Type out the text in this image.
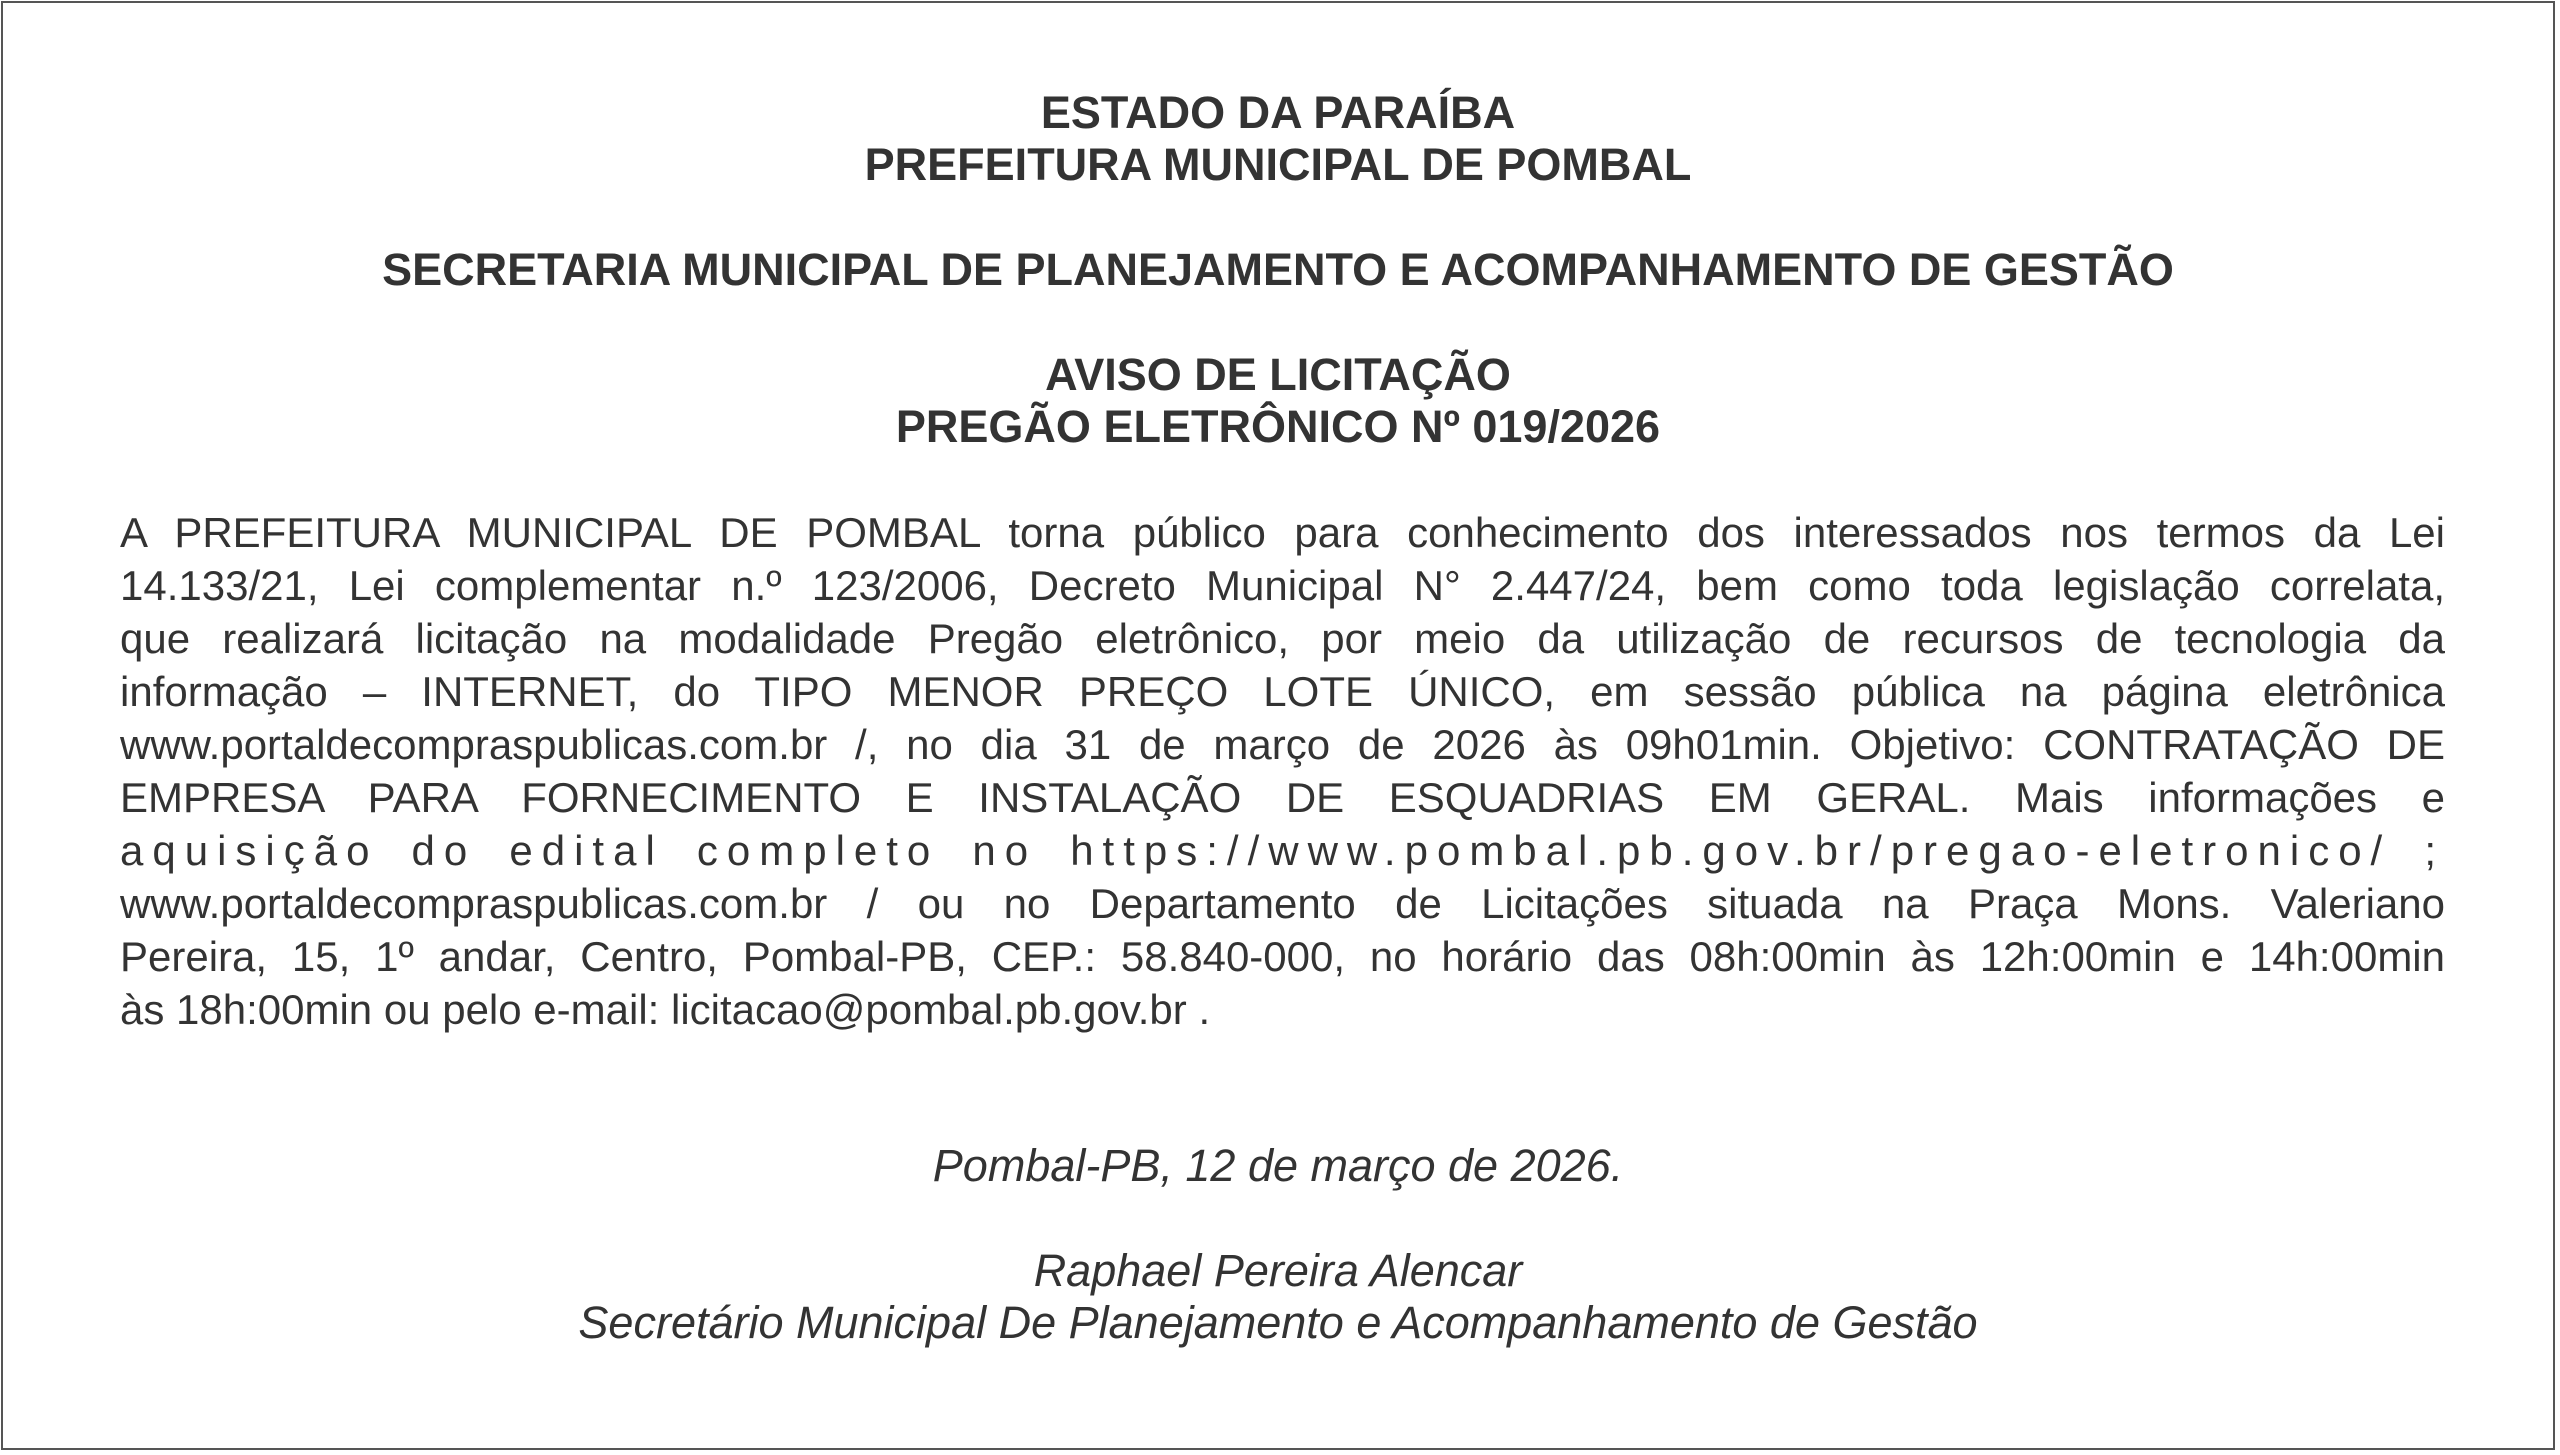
ESTADO DA PARAÍBA
PREFEITURA MUNICIPAL DE POMBAL
SECRETARIA MUNICIPAL DE PLANEJAMENTO E ACOMPANHAMENTO DE GESTÃO
AVISO DE LICITAÇÃO
PREGÃO ELETRÔNICO Nº 019/2026
A PREFEITURA MUNICIPAL DE POMBAL torna público para conhecimento dos interessados nos termos da Lei
14.133/21, Lei complementar n.º 123/2006, Decreto Municipal N° 2.447/24, bem como toda legislação correlata,
que realizará licitação na modalidade Pregão eletrônico, por meio da utilização de recursos de tecnologia da
informação – INTERNET, do TIPO MENOR PREÇO LOTE ÚNICO, em sessão pública na página eletrônica
www.portaldecompraspublicas.com.br /, no dia 31 de março de 2026 às 09h01min. Objetivo: CONTRATAÇÃO DE
EMPRESA PARA FORNECIMENTO E INSTALAÇÃO DE ESQUADRIAS EM GERAL. Mais informações e
aquisição do edital completo no https://www.pombal.pb.gov.br/pregao-eletronico/ ;
www.portaldecompraspublicas.com.br / ou no Departamento de Licitações situada na Praça Mons. Valeriano
Pereira, 15, 1º andar, Centro, Pombal-PB, CEP.: 58.840-000, no horário das 08h:00min às 12h:00min e 14h:00min
às 18h:00min ou pelo e-mail: licitacao@pombal.pb.gov.br .
Pombal-PB, 12 de março de 2026.
Raphael Pereira Alencar
Secretário Municipal De Planejamento e Acompanhamento de Gestão
